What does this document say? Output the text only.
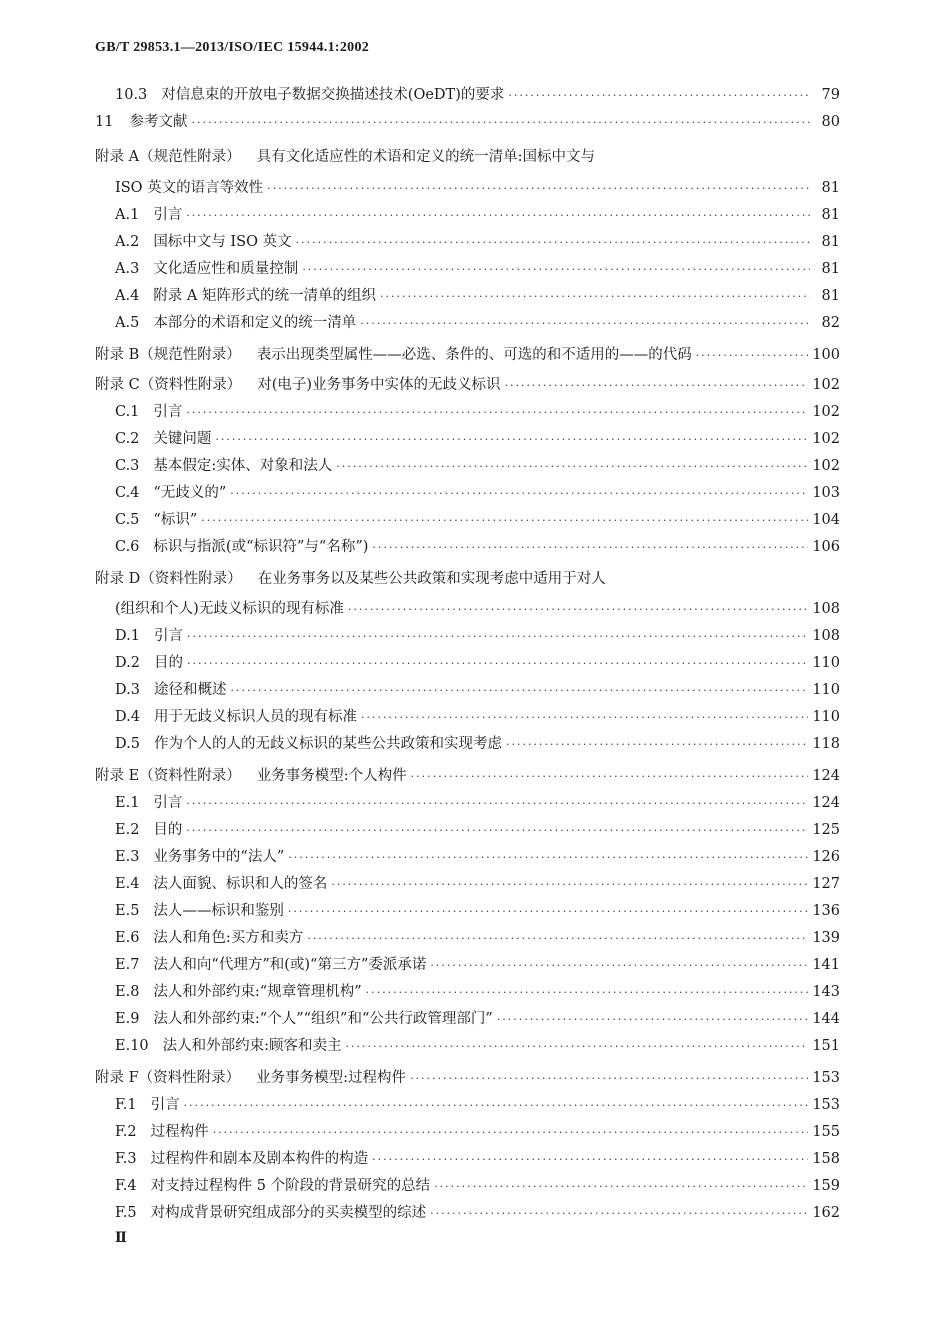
GB/T 29853.1—2013/ISO/IEC 15944.1:2002
10.3 对信息束的开放电子数据交换描述技术(OeDT)的要求 ·····	79
11 参考文献 ·····	80
附录 A（规范性附录） 具有文化适应性的术语和定义的统一清单:国标中文与
ISO 英文的语言等效性 ·····	81
A.1 引言 ·····	81
A.2 国标中文与 ISO 英文 ·····	81
A.3 文化适应性和质量控制 ·····	81
A.4 附录 A 矩阵形式的统一清单的组织 ·····	81
A.5 本部分的术语和定义的统一清单 ·····	82
附录 B（规范性附录） 表示出现类型属性——必选、条件的、可选的和不适用的——的代码 ·····	100
附录 C（资料性附录） 对(电子)业务事务中实体的无歧义标识 ·····	102
C.1 引言 ·····	102
C.2 关键问题 ·····	102
C.3 基本假定:实体、对象和法人 ·····	102
C.4 “无歧义的” ·····	103
C.5 “标识” ·····	104
C.6 标识与指派(或“标识符”与“名称”) ·····	106
附录 D（资料性附录） 在业务事务以及某些公共政策和实现考虑中适用于对人
(组织和个人)无歧义标识的现有标准 ·····	108
D.1 引言 ·····	108
D.2 目的 ·····	110
D.3 途径和概述 ·····	110
D.4 用于无歧义标识人员的现有标准 ·····	110
D.5 作为个人的人的无歧义标识的某些公共政策和实现考虑 ·····	118
附录 E（资料性附录） 业务事务模型:个人构件 ·····	124
E.1 引言 ·····	124
E.2 目的 ·····	125
E.3 业务事务中的“法人” ·····	126
E.4 法人面貌、标识和人的签名 ·····	127
E.5 法人——标识和鉴别 ·····	136
E.6 法人和角色:买方和卖方 ·····	139
E.7 法人和向“代理方”和(或)“第三方”委派承诺 ·····	141
E.8 法人和外部约束:“规章管理机构” ·····	143
E.9 法人和外部约束:“个人”“组织”和“公共行政管理部门” ·····	144
E.10 法人和外部约束:顾客和卖主 ·····	151
附录 F（资料性附录） 业务事务模型:过程构件 ·····	153
F.1 引言 ·····	153
F.2 过程构件 ·····	155
F.3 过程构件和剧本及剧本构件的构造 ·····	158
F.4 对支持过程构件 5 个阶段的背景研究的总结 ·····	159
F.5 对构成背景研究组成部分的买卖模型的综述 ·····	162
Ⅱ
